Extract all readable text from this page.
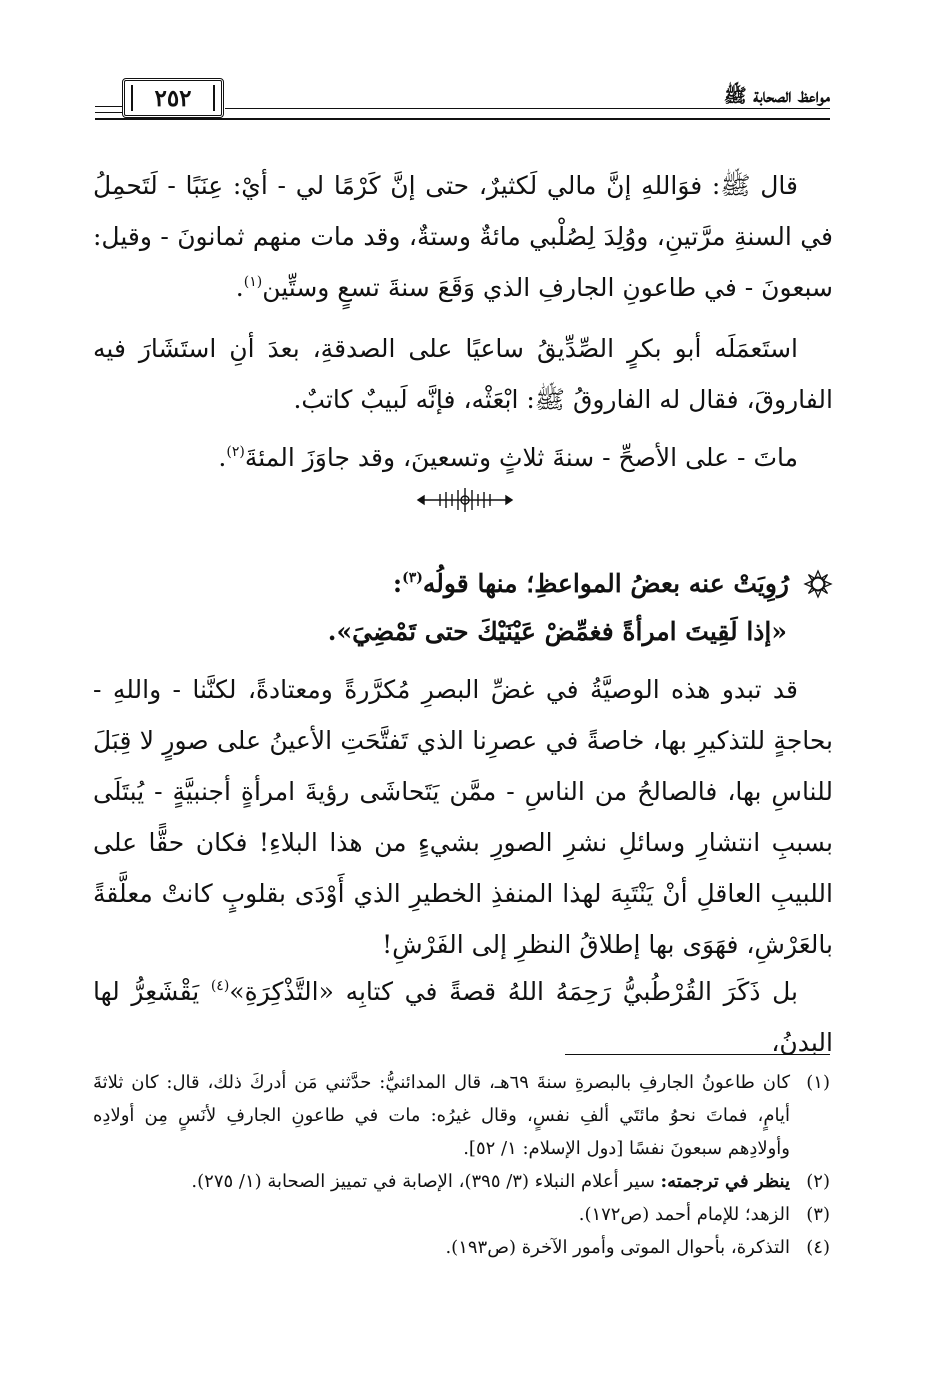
مواعظ الصحابة ﷺ
٢٥٢

قال ﷺ: فوَاللهِ إنَّ مالي لَكثيرٌ، حتى إنَّ كَرْمًا لي - أيْ: عِنَبًا - لَتَحمِلُ في السنةِ مرَّتينِ، ووُلِدَ لِصُلْبي مائةٌ وستةٌ، وقد مات منهم ثمانونَ - وقيل: سبعونَ - في طاعونِ الجارفِ الذي وَقَعَ سنةَ تسعٍ وستِّين$^{(١)}$.

استَعمَلَه أبو بكرٍ الصِّدِّيقُ ساعيًا على الصدقةِ، بعدَ أنِ استَشَارَ فيه الفاروقَ، فقال له الفاروقُ ﷺ: ابْعَثْه، فإنَّه لَبيبٌ كاتبٌ.

ماتَ - على الأصحِّ - سنةَ ثلاثٍ وتسعينَ، وقد جاوَزَ المئةَ$^{(٢)}$.

رُوِيَتْ عنه بعضُ المواعظِ؛ منها قولُه$^{(٣)}$:
«إذا لَقِيتَ امرأةً فغمِّضْ عَيْنَيْكَ حتى تَمْضِيَ».

قد تبدو هذه الوصيَّةُ في غضِّ البصرِ مُكرَّرةً ومعتادةً، لكنَّنا - واللهِ - بحاجةٍ للتذكيرِ بها، خاصةً في عصرِنا الذي تَفتَّحَتِ الأعينُ على صورٍ لا قِبَلَ للناسِ بها، فالصالحُ من الناسِ - ممَّن يَتَحاشَى رؤيةَ امرأةٍ أجنبيَّةٍ - يُبتَلَى بسببِ انتشارِ وسائلِ نشرِ الصورِ بشيءٍ من هذا البلاءِ! فكان حقًّا على اللبيبِ العاقلِ أنْ يَنْتَبِهَ لهذا المنفذِ الخطيرِ الذي أَوْدَى بقلوبٍ كانتْ معلَّقةً بالعَرْشِ، فهَوَى بها إطلاقُ النظرِ إلى الفَرْشِ!

بل ذَكَرَ القُرْطُبيُّ رَحِمَهُ اللهُ قصةً في كتابِه «التَّذْكِرَةِ»$^{(٤)}$ يَقْشَعِرُّ لها البدنُ،

(١)
كان طاعونُ الجارفِ بالبصرةِ سنةَ ٦٩هـ، قال المدائنيُّ: حدَّثني مَن أدركَ ذلك، قال: كان ثلاثةَ أيامٍ، فماتَ نحوُ مائتَي ألفِ نفسٍ، وقال غيرُه: مات في طاعونِ الجارفِ لأنَسٍ مِن أولادِه وأولادِهم سبعونَ نفسًا [دول الإسلام: ١/ ٥٢].
(٢)
ينظر في ترجمته: سير أعلام النبلاء (٣/ ٣٩٥)، الإصابة في تمييز الصحابة (١/ ٢٧٥).
(٣)
الزهد؛ للإمام أحمد (ص١٧٢).
(٤)
التذكرة، بأحوال الموتى وأمور الآخرة (ص١٩٣).
